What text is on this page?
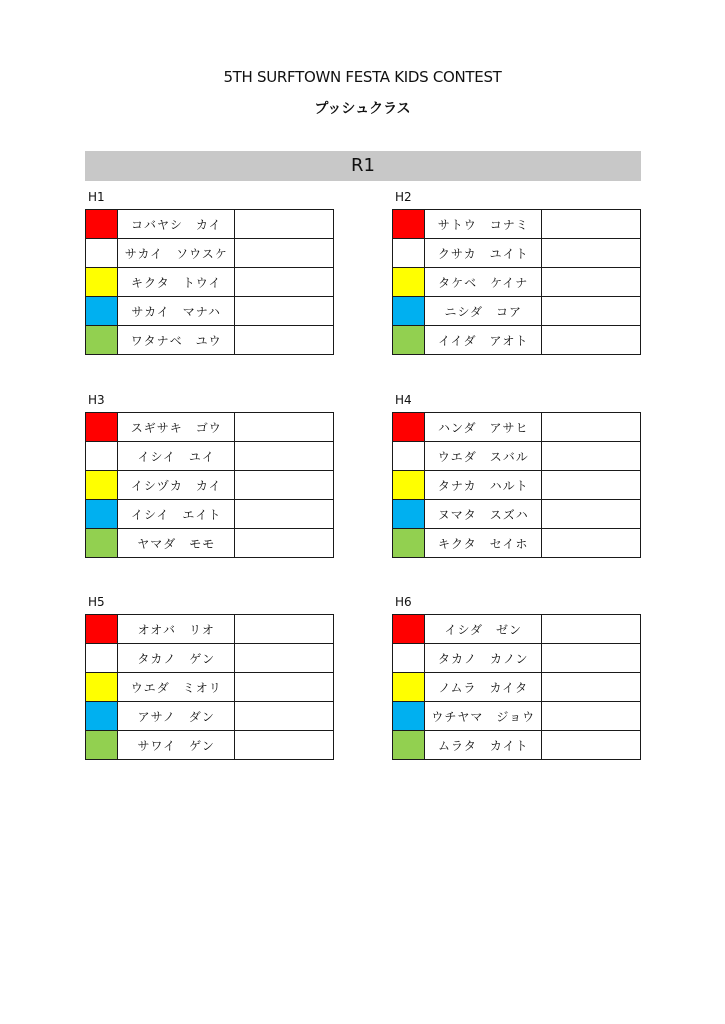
5TH SURFTOWN FESTA KIDS CONTEST
プッシュクラス
R1
H1
	コバヤシ　カイ	
	サカイ　ソウスケ	
	キクタ　トウイ	
	サカイ　マナハ	
	ワタナベ　ユウ	
H2
	サトウ　コナミ	
	クサカ　ユイト	
	タケベ　ケイナ	
	ニシダ　コア	
	イイダ　アオト	
H3
	スギサキ　ゴウ	
	イシイ　ユイ	
	イシヅカ　カイ	
	イシイ　エイト	
	ヤマダ　モモ	
H4
	ハンダ　アサヒ	
	ウエダ　スバル	
	タナカ　ハルト	
	ヌマタ　スズハ	
	キクタ　セイホ	
H5
	オオバ　リオ	
	タカノ　ゲン	
	ウエダ　ミオリ	
	アサノ　ダン	
	サワイ　ゲン	
H6
	イシダ　ゼン	
	タカノ　カノン	
	ノムラ　カイタ	
	ウチヤマ　ジョウ	
	ムラタ　カイト	
